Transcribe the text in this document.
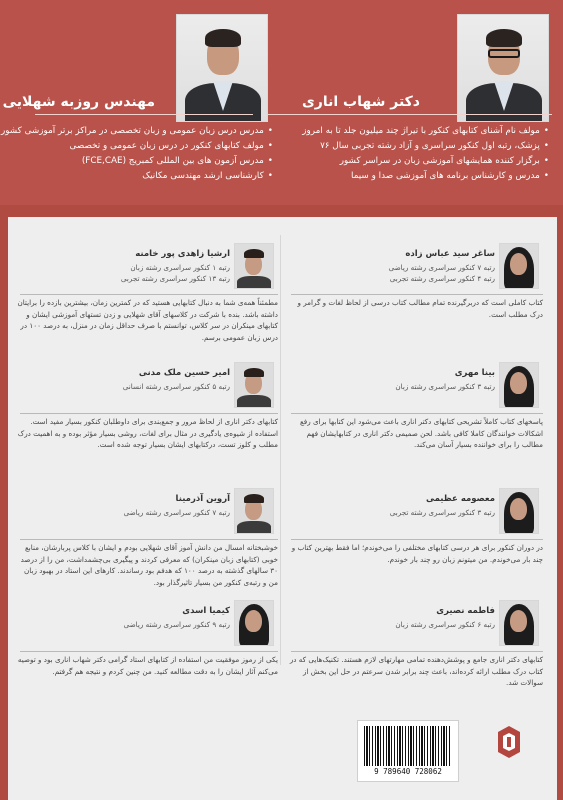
دکتر شهاب اناری
مهندس روزبه شهلایی
• مولف نام آشنای کتابهای کنکور با تیراژ چند میلیون جلد تا به امروز
• پزشک، رتبه اول کنکور سراسری و آزاد رشته تجربی سال ۷۶
• برگزار کننده همایشهای آموزشی زبان در سراسر کشور
• مدرس و کارشناس برنامه های آموزشی صدا و سیما
• مدرس درس زبان عمومی و زبان تخصصی در مراکز برتر آموزشی کشور
• مولف کتابهای کنکور در درس زبان عمومی و تخصصی
• مدرس آزمون های بین المللی کمبریج (FCE,CAE)
• کارشناسی ارشد مهندسی مکانیک
ساغر سید عباس زاده
رتبه ۷ کنکور سراسری رشته ریاضی
رتبه ۴ کنکور سراسری رشته تجربی
کتاب کاملی است که دربرگیرنده تمام مطالب کتاب درسی از لحاظ لغات و گرامر و درک مطلب است.
بینا مهری
رتبه ۳ کنکور سراسری رشته زبان
پاسخهای کتاب کاملاً تشریحی کتابهای دکتر اناری باعث می‌شود این کتابها برای رفع اشکالات خوانندگان کاملا کافی باشد. لحن صمیمی دکتر اناری در کتابهایشان فهم مطالب را برای خواننده بسیار آسان می‌کند.
معصومه عظیمی
رتبه ۳ کنکور سراسری رشته تجربی
در دوران کنکور برای هر درسی کتابهای مختلفی را می‌خوندم؛ اما فقط بهترین کتاب و چند بار می‌خوندم. من میتونم زبان رو چند بار خوندم.
فاطمه نصیری
رتبه ۶ کنکور سراسری رشته زبان
کتابهای دکتر اناری جامع و پوشش‌دهنده تمامی مهارتهای لازم هستند. تکنیک‌هایی که در کتاب درک مطلب ارائه کرده‌اند، باعث چند برابر شدن سرعتم در حل این بخش از سوالات شد.
ارشیا زاهدی پور خامنه
رتبه ۱ کنکور سراسری رشته زبان
رتبه ۱۳ کنکور سراسری رشته تجربی
مطمئناً همه‌ی شما به دنبال کتابهایی هستید که در کمترین زمان، بیشترین بازده را برایتان داشته باشد. بنده با شرکت در کلاسهای آقای شهلایی و زدن تستهای آموزشی ایشان و کتابهای مینکران در سر کلاس، توانستم با صرف حداقل زمان در منزل، به درصد ۱۰۰ در درس زبان عمومی برسم.
امیر حسین ملک مدنی
رتبه ۵ کنکور سراسری رشته انسانی
کتابهای دکتر اناری از لحاظ مرور و جمع‌بندی برای داوطلبان کنکور بسیار مفید است. استفاده از شیوه‌ی یادگیری در مثال برای لغات، روشی بسیار مؤثر بوده و به اهمیت درک مطلب و کلوز تست، درکتابهای ایشان بسیار توجه شده است.
آروین آذرمینا
رتبه ۷ کنکور سراسری رشته ریاضی
خوشبختانه امسال من دانش آموز آقای شهلایی بودم و ایشان با کلاس پربارشان، منابع خوبی (کتابهای زبان مینکران) که معرفی کردند و پیگیری بی‌چشمداشت، من را از درصد ۳۰ سالهای گذشته به درصد ۱۰۰ که هدفم بود رساندند. کارهای این استاد در بهبود زبان من و رتبه‌ی کنکور من بسیار تاثیرگذار بود.
کیمیا اسدی
رتبه ۹ کنکور سراسری رشته ریاضی
یکی از رموز موفقیت من استفاده از کتابهای استاد گرامی دکتر شهاب اناری بود و توصیه می‌کنم آثار ایشان را به دقت مطالعه کنید. من چنین کردم و نتیجه هم گرفتم.
9 789640 728062
